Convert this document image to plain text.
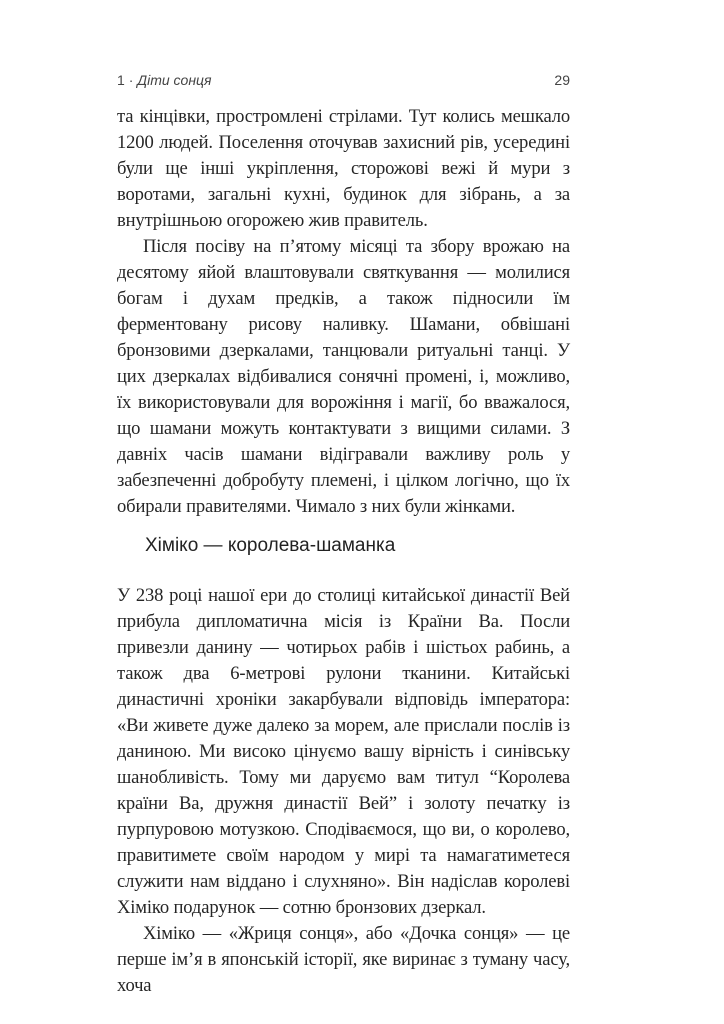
1 · Діти сонця	29

та кінцівки, простромлені стрілами. Тут колись мешкало 1200 людей. Поселення оточував захисний рів, усередині були ще інші укріплення, сторожові вежі й мури з воротами, загальні кухні, будинок для зібрань, а за внутрішньою огорожею жив правитель.

Після посіву на п’ятому місяці та збору врожаю на десятому яйой влаштовували святкування — молилися богам і духам предків, а також підносили їм ферментовану рисову наливку. Шамани, обвішані бронзовими дзеркалами, танцювали ритуальні танці. У цих дзеркалах відбивалися сонячні промені, і, можливо, їх використовували для ворожіння і магії, бо вважалося, що шамани можуть контактувати з вищими силами. З давніх часів шамани відігравали важливу роль у забезпеченні добробуту племені, і цілком логічно, що їх обирали правителями. Чимало з них були жінками.

Хіміко — королева-шаманка

У 238 році нашої ери до столиці китайської династії Вей прибула дипломатична місія із Країни Ва. Посли привезли данину — чотирьох рабів і шістьох рабинь, а також два 6-метрові рулони тканини. Китайські династичні хроніки закарбували відповідь імператора: «Ви живете дуже далеко за морем, але прислали послів із даниною. Ми високо цінуємо вашу вірність і синівську шанобливість. Тому ми даруємо вам титул “Королева країни Ва, дружня династії Вей” і золоту печатку із пурпуровою мотузкою. Сподіваємося, що ви, о королево, правитимете своїм народом у мирі та намагатиметеся служити нам віддано і слухняно». Він надіслав королеві Хіміко подарунок — сотню бронзових дзеркал.

Хіміко — «Жриця сонця», або «Дочка сонця» — це перше ім’я в японській історії, яке виринає з туману часу, хоча
